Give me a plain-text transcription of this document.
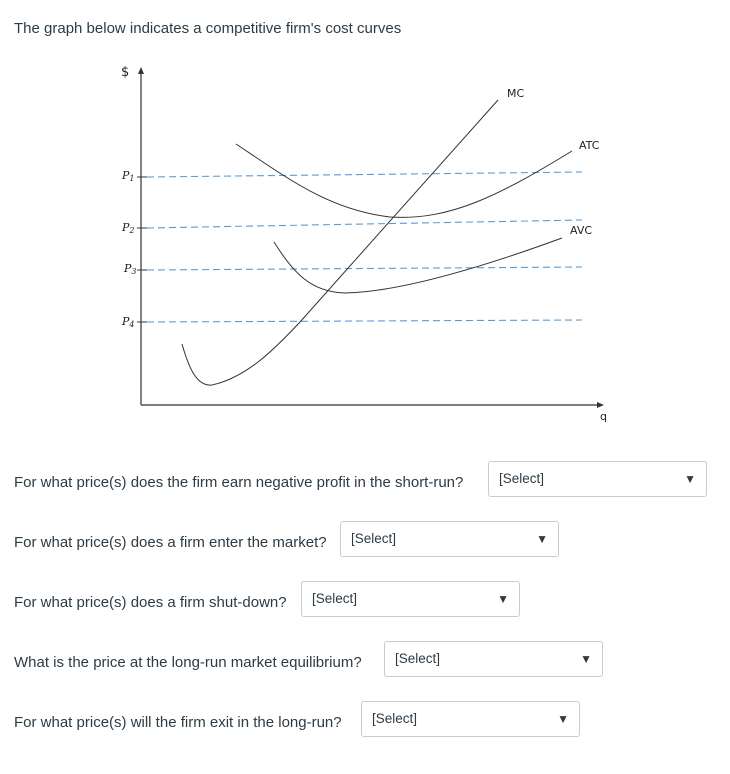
The graph below indicates a competitive firm's cost curves
$
q
P1
P2
P3
P4
MC
ATC
AVC
For what price(s) does the firm earn negative profit in the short-run?	[Select]	▼
For what price(s) does a firm enter the market? [Select]	▼
For what price(s) does a firm shut-down? [Select]	▼
What is the price at the long-run market equilibrium? [Select]	▼
For what price(s) will the firm exit in the long-run? [Select]	▼
